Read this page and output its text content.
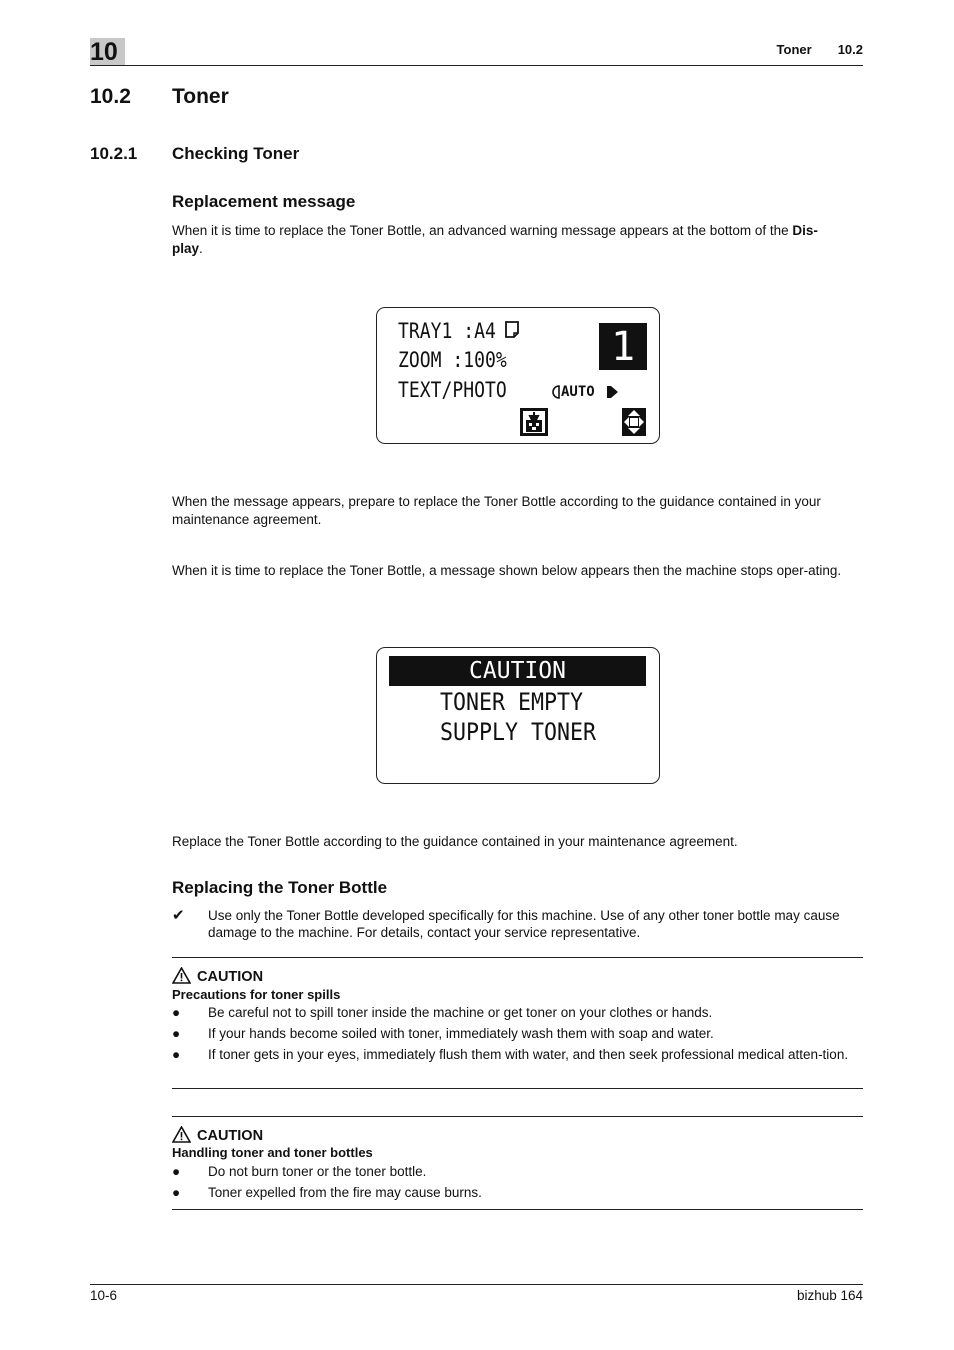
10	Toner 10.2
10.2 Toner
10.2.1 Checking Toner
Replacement message

When it is time to replace the Toner Bottle, an advanced warning message appears at the bottom of the Dis-
play.

TRAY1 :A4
ZOOM :100%
TEXT/PHOTO
1
AUTO

When the message appears, prepare to replace the Toner Bottle according to the guidance contained in your maintenance agreement.

When it is time to replace the Toner Bottle, a message shown below appears then the machine stops oper-ating.

CAUTION
TONER EMPTY
SUPPLY TONER

Replace the Toner Bottle according to the guidance contained in your maintenance agreement.

Replacing the Toner Bottle
✔ Use only the Toner Bottle developed specifically for this machine. Use of any other toner bottle may cause damage to the machine. For details, contact your service representative.
CAUTION
Precautions for toner spills
● Be careful not to spill toner inside the machine or get toner on your clothes or hands.
● If your hands become soiled with toner, immediately wash them with soap and water.
● If toner gets in your eyes, immediately flush them with water, and then seek professional medical atten-tion.
CAUTION
Handling toner and toner bottles
● Do not burn toner or the toner bottle.
● Toner expelled from the fire may cause burns.
10-6	bizhub 164
